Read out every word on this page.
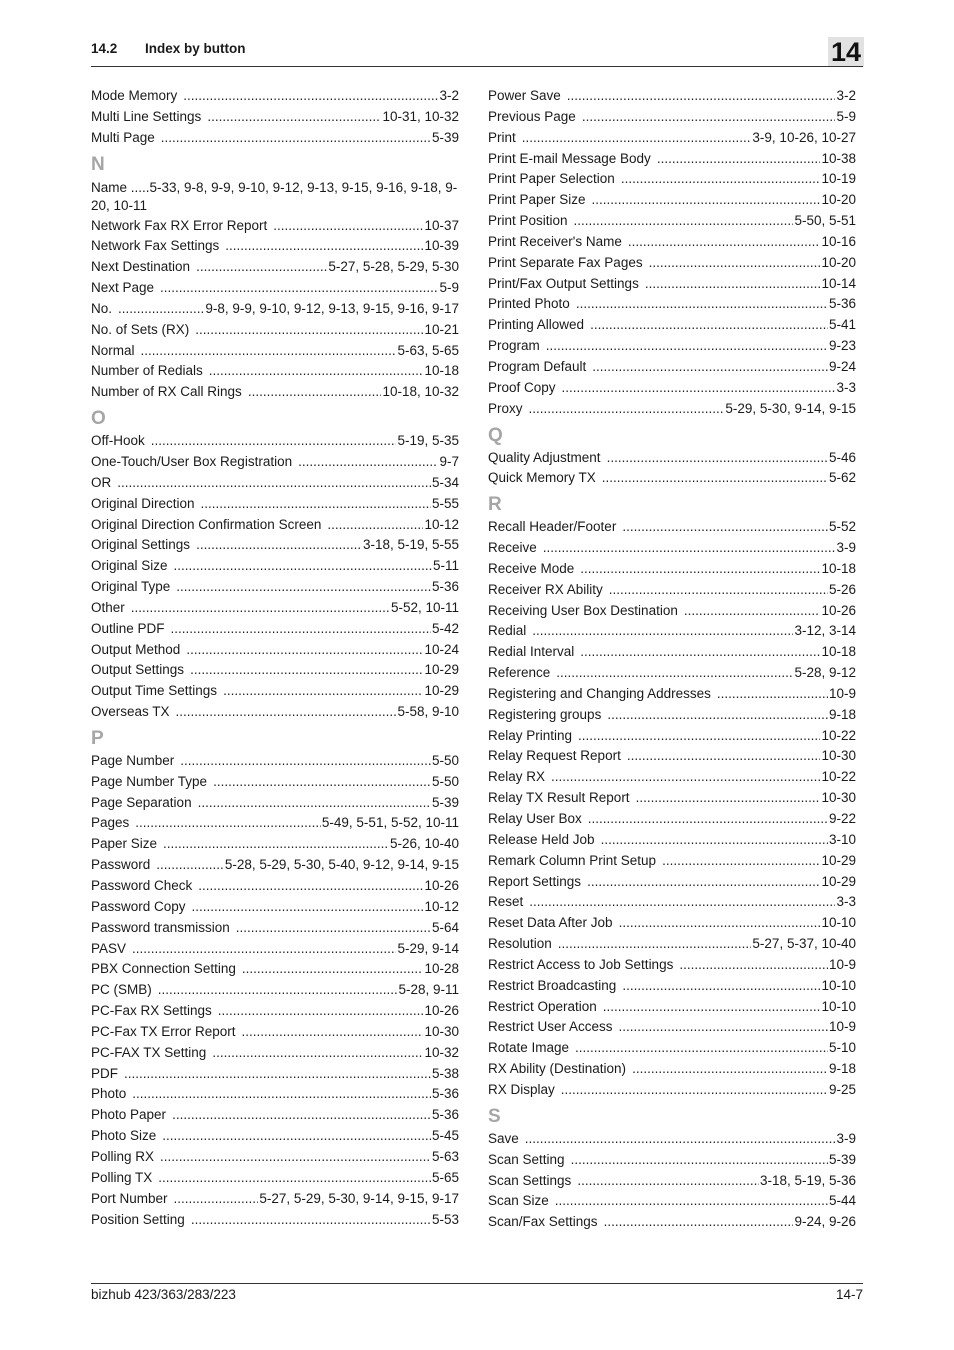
14.2 Index by button	14
Mode Memory .....	3-2
Multi Line Settings .....	10-31, 10-32
Multi Page .....	5-39
N
Name ..... 5-33, 9-8, 9-9, 9-10, 9-12, 9-13, 9-15, 9-16, 9-18, 9-20, 10-11
Network Fax RX Error Report .....	10-37
Network Fax Settings .....	10-39
Next Destination .....	5-27, 5-28, 5-29, 5-30
Next Page .....	5-9
No. .....	9-8, 9-9, 9-10, 9-12, 9-13, 9-15, 9-16, 9-17
No. of Sets (RX) .....	10-21
Normal .....	5-63, 5-65
Number of Redials .....	10-18
Number of RX Call Rings .....	10-18, 10-32
O
Off-Hook .....	5-19, 5-35
One-Touch/User Box Registration .....	9-7
OR .....	5-34
Original Direction .....	5-55
Original Direction Confirmation Screen .....	10-12
Original Settings .....	3-18, 5-19, 5-55
Original Size .....	5-11
Original Type .....	5-36
Other .....	5-52, 10-11
Outline PDF .....	5-42
Output Method .....	10-24
Output Settings .....	10-29
Output Time Settings .....	10-29
Overseas TX .....	5-58, 9-10
P
Page Number .....	5-50
Page Number Type .....	5-50
Page Separation .....	5-39
Pages .....	5-49, 5-51, 5-52, 10-11
Paper Size .....	5-26, 10-40
Password .....	5-28, 5-29, 5-30, 5-40, 9-12, 9-14, 9-15
Password Check .....	10-26
Password Copy .....	10-12
Password transmission .....	5-64
PASV .....	5-29, 9-14
PBX Connection Setting .....	10-28
PC (SMB) .....	5-28, 9-11
PC-Fax RX Settings .....	10-26
PC-Fax TX Error Report .....	10-30
PC-FAX TX Setting .....	10-32
PDF .....	5-38
Photo .....	5-36
Photo Paper .....	5-36
Photo Size .....	5-45
Polling RX .....	5-63
Polling TX .....	5-65
Port Number .....	5-27, 5-29, 5-30, 9-14, 9-15, 9-17
Position Setting .....	5-53
Power Save .....	3-2
Previous Page .....	5-9
Print .....	3-9, 10-26, 10-27
Print E-mail Message Body .....	10-38
Print Paper Selection .....	10-19
Print Paper Size .....	10-20
Print Position .....	5-50, 5-51
Print Receiver's Name .....	10-16
Print Separate Fax Pages .....	10-20
Print/Fax Output Settings .....	10-14
Printed Photo .....	5-36
Printing Allowed .....	5-41
Program .....	9-23
Program Default .....	9-24
Proof Copy .....	3-3
Proxy .....	5-29, 5-30, 9-14, 9-15
Q
Quality Adjustment .....	5-46
Quick Memory TX .....	5-62
R
Recall Header/Footer .....	5-52
Receive .....	3-9
Receive Mode .....	10-18
Receiver RX Ability .....	5-26
Receiving User Box Destination .....	10-26
Redial .....	3-12, 3-14
Redial Interval .....	10-18
Reference .....	5-28, 9-12
Registering and Changing Addresses .....	10-9
Registering groups .....	9-18
Relay Printing .....	10-22
Relay Request Report .....	10-30
Relay RX .....	10-22
Relay TX Result Report .....	10-30
Relay User Box .....	9-22
Release Held Job .....	3-10
Remark Column Print Setup .....	10-29
Report Settings .....	10-29
Reset .....	3-3
Reset Data After Job .....	10-10
Resolution .....	5-27, 5-37, 10-40
Restrict Access to Job Settings .....	10-9
Restrict Broadcasting .....	10-10
Restrict Operation .....	10-10
Restrict User Access .....	10-9
Rotate Image .....	5-10
RX Ability (Destination) .....	9-18
RX Display .....	9-25
S
Save .....	3-9
Scan Setting .....	5-39
Scan Settings .....	3-18, 5-19, 5-36
Scan Size .....	5-44
Scan/Fax Settings .....	9-24, 9-26
bizhub 423/363/283/223	14-7
